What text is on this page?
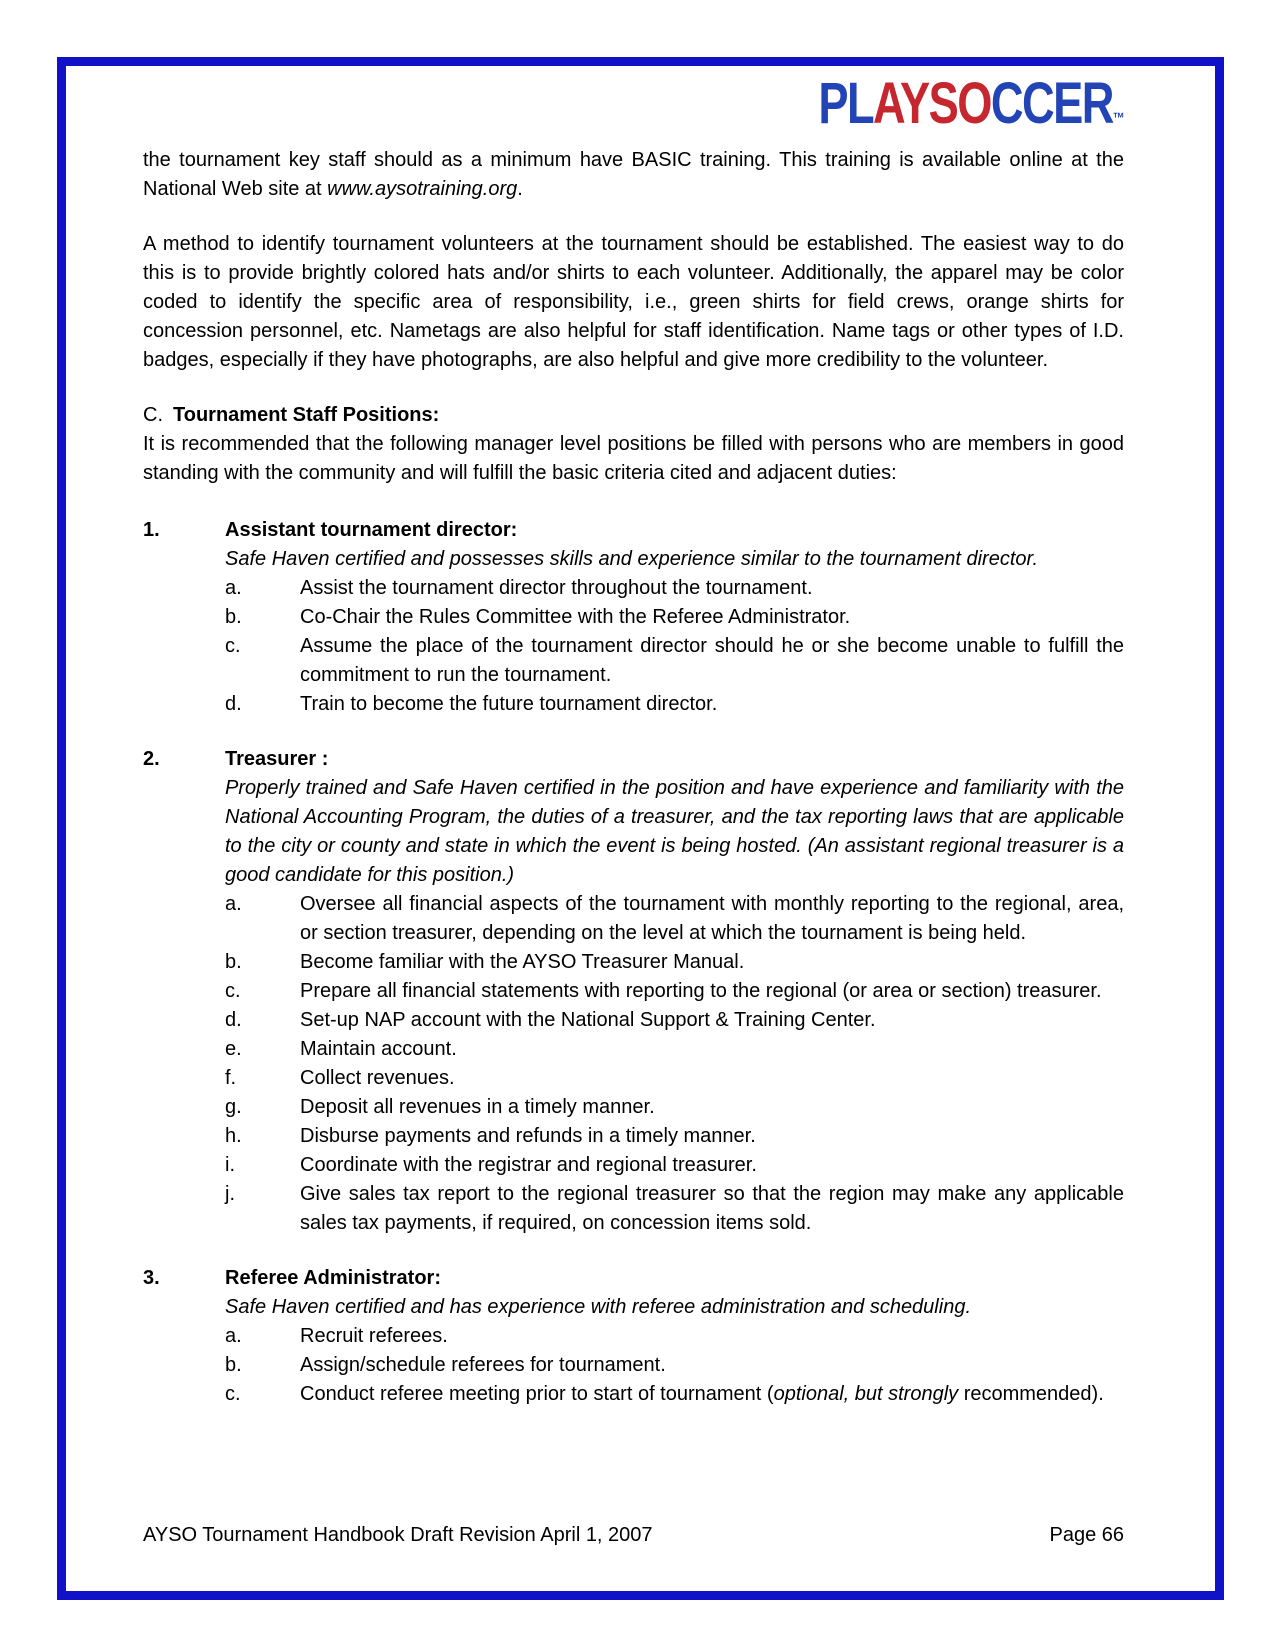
PLAYSOCCER™

the tournament key staff should as a minimum have BASIC training. This training is available online at the National Web site at www.aysotraining.org.

A method to identify tournament volunteers at the tournament should be established. The easiest way to do this is to provide brightly colored hats and/or shirts to each volunteer. Additionally, the apparel may be color coded to identify the specific area of responsibility, i.e., green shirts for field crews, orange shirts for concession personnel, etc. Nametags are also helpful for staff identification. Name tags or other types of I.D. badges, especially if they have photographs, are also helpful and give more credibility to the volunteer.

C. Tournament Staff Positions:

It is recommended that the following manager level positions be filled with persons who are members in good standing with the community and will fulfill the basic criteria cited and adjacent duties:

1.	Assistant tournament director:
Safe Haven certified and possesses skills and experience similar to the tournament director.
a.	Assist the tournament director throughout the tournament.
b.	Co-Chair the Rules Committee with the Referee Administrator.
c.	Assume the place of the tournament director should he or she become unable to fulfill the commitment to run the tournament.
d.	Train to become the future tournament director.
2.	Treasurer :
Properly trained and Safe Haven certified in the position and have experience and familiarity with the National Accounting Program, the duties of a treasurer, and the tax reporting laws that are applicable to the city or county and state in which the event is being hosted. (An assistant regional treasurer is a good candidate for this position.)
a.	Oversee all financial aspects of the tournament with monthly reporting to the regional, area, or section treasurer, depending on the level at which the tournament is being held.
b.	Become familiar with the AYSO Treasurer Manual.
c.	Prepare all financial statements with reporting to the regional (or area or section) treasurer.
d.	Set-up NAP account with the National Support & Training Center.
e.	Maintain account.
f.	Collect revenues.
g.	Deposit all revenues in a timely manner.
h.	Disburse payments and refunds in a timely manner.
i.	Coordinate with the registrar and regional treasurer.
j.	Give sales tax report to the regional treasurer so that the region may make any applicable sales tax payments, if required, on concession items sold.
3.	Referee Administrator:
Safe Haven certified and has experience with referee administration and scheduling.
a.	Recruit referees.
b.	Assign/schedule referees for tournament.
c.	Conduct referee meeting prior to start of tournament (optional, but strongly recommended).
AYSO Tournament Handbook Draft Revision April 1, 2007	Page 66
